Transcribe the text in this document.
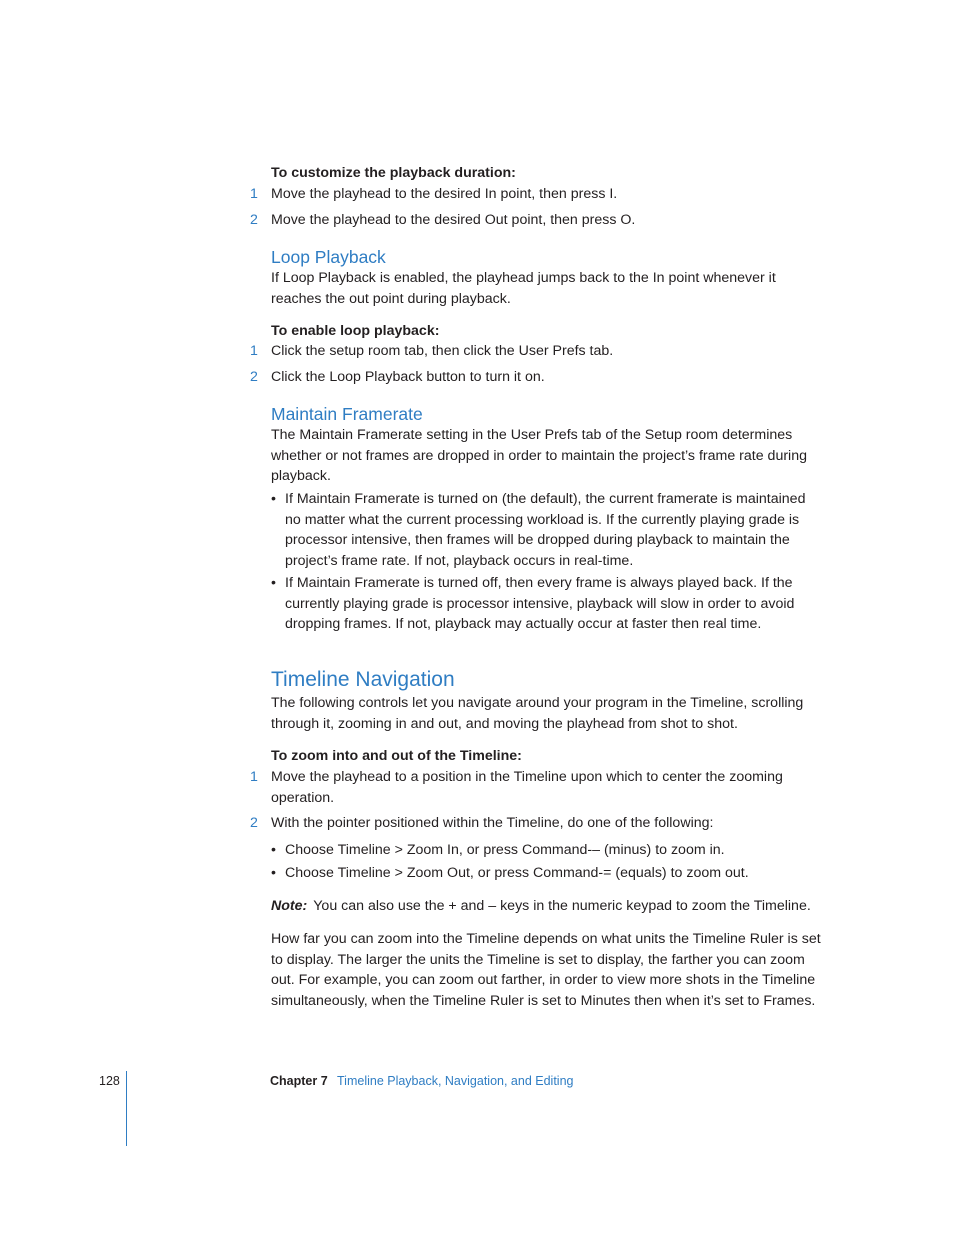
To customize the playback duration:

1 Move the playhead to the desired In point, then press I.

2 Move the playhead to the desired Out point, then press O.

Loop Playback

If Loop Playback is enabled, the playhead jumps back to the In point whenever it reaches the out point during playback.

To enable loop playback:

1 Click the setup room tab, then click the User Prefs tab.

2 Click the Loop Playback button to turn it on.

Maintain Framerate

The Maintain Framerate setting in the User Prefs tab of the Setup room determines whether or not frames are dropped in order to maintain the project’s frame rate during playback.

• If Maintain Framerate is turned on (the default), the current framerate is maintained no matter what the current processing workload is. If the currently playing grade is processor intensive, then frames will be dropped during playback to maintain the project’s frame rate. If not, playback occurs in real-time.
• If Maintain Framerate is turned off, then every frame is always played back. If the currently playing grade is processor intensive, playback will slow in order to avoid dropping frames. If not, playback may actually occur at faster then real time.
Timeline Navigation

The following controls let you navigate around your program in the Timeline, scrolling through it, zooming in and out, and moving the playhead from shot to shot.

To zoom into and out of the Timeline:

1 Move the playhead to a position in the Timeline upon which to center the zooming operation.

2 With the pointer positioned within the Timeline, do one of the following:

• Choose Timeline > Zoom In, or press Command-– (minus) to zoom in.
• Choose Timeline > Zoom Out, or press Command-= (equals) to zoom out.

Note: You can also use the + and – keys in the numeric keypad to zoom the Timeline.

How far you can zoom into the Timeline depends on what units the Timeline Ruler is set to display. The larger the units the Timeline is set to display, the farther you can zoom out. For example, you can zoom out farther, in order to view more shots in the Timeline simultaneously, when the Timeline Ruler is set to Minutes then when it’s set to Frames.

128	Chapter 7 Timeline Playback, Navigation, and Editing
